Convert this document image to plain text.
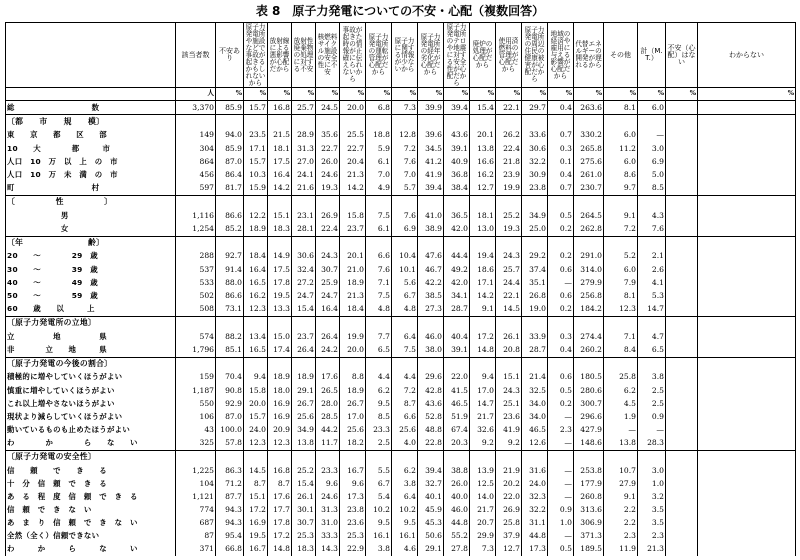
表 8　原子力発電についての不安・心配（複数回答）
	該当者数	不安あり	原子力発電所や施設などで事故が起きるかもしれないから	放射線による悪影響が心配だから	放射性廃棄物の処理に対する不安	核燃料サイクル施設の安全性に不安	事故が起きた時の情報が正確に伝えられないから	原子力発電所の運転管理が心配だから	原子力に関する情報が少ないから	原子力発電所の経年劣化が心配だから	原子力発電所のテロや地震に対する安全性が心配だから	廃炉の処理が心配だから	使用済燃料の管理が心配だから	原子力発電所の周辺住民の健康被害が心配だから	地域の経済や雇用に与える影響が心配だから	代替エネルギーの開発が遅れるから	その他	計（M.T.）	不安（心配）はない	わからない
	人	%	%	%	%	%	%	%	%	%	%	%	%	%	%	%	%	%	%	%
総　　　　　　　　　　数	3,370	85.9	15.7	16.8	25.7	24.5	20.0	6.8	7.3	39.9	39.4	15.4	22.1	29.7	0.4	263.6	8.1	6.0		
〔都　　市　　規　　模〕																				
東　　京　　都　　区　　部	149	94.0	23.5	21.5	28.9	35.6	25.5	18.8	12.8	39.6	43.6	20.1	26.2	33.6	0.7	330.2	6.0	—		
10　　大　　　　都　　　市	304	85.9	17.1	18.1	31.3	22.7	22.7	5.9	7.2	34.5	39.1	13.8	22.4	30.6	0.3	265.8	11.2	3.0		
人口　10　万　以　上　の　市	864	87.0	15.7	17.5	27.0	26.0	20.4	6.1	7.6	41.2	40.9	16.6	21.8	32.2	0.1	275.6	6.0	6.9		
人口　10　万　未　満　の　市	456	86.4	10.3	16.4	24.1	24.6	21.3	7.0	7.0	41.9	36.8	16.2	23.9	30.9	0.4	261.0	8.6	5.0		
町　　　　　　　　　　村	597	81.7	15.9	14.2	21.6	19.3	14.2	4.9	5.7	39.4	38.4	12.7	19.9	23.8	0.7	230.7	9.7	8.5		
〔　　　　　性　　　　　〕																				
　　　　　　　男	1,116	86.6	12.2	15.1	23.1	26.9	15.8	7.5	7.6	41.0	36.5	18.1	25.2	34.9	0.5	264.5	9.1	4.3		
　　　　　　　女	1,254	85.2	18.9	18.3	28.1	22.4	23.7	6.1	6.9	38.9	42.0	13.0	19.3	25.0	0.2	262.8	7.2	7.6		
〔年　　　　　　　　齢〕																				
20　　〜　　　　29　歳	288	92.7	18.4	14.9	30.6	24.3	20.1	6.6	10.4	47.6	44.4	19.4	24.3	29.2	0.2	291.0	5.2	2.1		
30　　〜　　　　39　歳	537	91.4	16.4	17.5	32.4	30.7	21.0	7.6	10.1	46.7	49.2	18.6	25.7	37.4	0.6	314.0	6.0	2.6		
40　　〜　　　　49　歳	533	88.0	16.5	17.8	27.2	25.9	18.9	7.1	5.6	42.2	42.0	17.1	24.4	35.1	—	279.9	7.9	4.1		
50　　〜　　　　59　歳	502	86.6	16.2	19.5	24.7	24.7	21.3	7.5	6.7	38.5	34.1	14.2	22.1	26.8	0.6	256.8	8.1	5.3		
60　　歳　　以　　　上	508	73.1	12.3	13.3	15.4	16.4	18.4	4.8	4.8	27.3	28.7	9.1	14.5	19.0	0.2	184.2	12.3	14.7		
〔原子力発電所の立地〕																				
立　　　　　地　　　　　県	574	88.2	13.4	15.0	23.7	26.4	19.9	7.7	6.4	46.0	40.4	17.2	26.1	33.9	0.3	274.4	7.1	4.7		
非　　　　立　　地　　　県	1,796	85.1	16.5	17.4	26.4	24.2	20.0	6.5	7.5	38.0	39.1	14.8	20.8	28.7	0.4	260.2	8.4	6.5		
〔原子力発電の今後の割合〕																				
積極的に増やしていくほうがよい	159	70.4	9.4	18.9	18.9	17.6	8.8	4.4	4.4	29.6	22.0	9.4	15.1	21.4	0.6	180.5	25.8	3.8		
慎重に増やしていくほうがよい	1,187	90.8	15.8	18.0	29.1	26.5	18.9	6.2	7.2	42.8	41.5	17.0	24.3	32.5	0.5	280.6	6.2	2.5		
これ以上増やさないほうがよい	550	92.9	20.0	16.9	26.7	28.0	26.7	9.5	8.7	43.6	46.5	14.7	25.1	34.0	0.2	300.7	4.5	2.5		
現状より減らしていくほうがよい	106	87.0	15.7	16.9	25.6	28.5	17.0	8.5	6.6	52.8	51.9	21.7	23.6	34.0	—	296.6	1.9	0.9		
動いているものも止めたほうがよい	43	100.0	24.0	20.9	34.9	44.2	25.6	23.3	25.6	48.8	67.4	32.6	41.9	46.5	2.3	427.9	—	—		
わ　　　　か　　　　ら　　な　　い	325	57.8	12.3	12.3	13.8	11.7	18.2	2.5	4.0	22.8	20.3	9.2	9.2	12.6	—	148.6	13.8	28.3		
〔原子力発電の安全性〕																				
信　　頼　　で　　き　　る	1,225	86.3	14.5	16.8	25.2	23.3	16.7	5.5	6.2	39.4	38.8	13.9	21.9	31.6	—	253.8	10.7	3.0		
十　分　信　頼　で　き　る	104	71.2	8.7	8.7	15.4	9.6	9.6	6.7	3.8	32.7	26.0	12.5	20.2	24.0	—	177.9	27.9	1.0		
あ　る　程　度　信　頼　で　き　る	1,121	87.7	15.1	17.6	26.1	24.6	17.3	5.4	6.4	40.1	40.0	14.0	22.0	32.3	—	260.8	9.1	3.2		
信　頼　で　き　な　い	774	94.3	17.2	17.7	30.1	31.3	23.8	10.2	10.2	45.9	46.0	21.7	26.9	32.2	0.9	313.6	2.2	3.5		
あ　ま　り　信　頼　で　き　な　い	687	94.3	16.9	17.8	30.7	31.0	23.6	9.5	9.5	45.3	44.8	20.7	25.8	31.1	1.0	306.9	2.2	3.5		
全然（全く）信頼できない	87	95.4	19.5	17.2	25.3	33.3	25.3	16.1	16.1	50.6	55.2	29.9	37.9	44.8	—	371.3	2.3	2.3		
わ　　　か　　　ら　　　な　　　い	371	66.8	16.7	14.8	18.3	14.3	22.9	3.8	4.6	29.1	27.8	7.3	12.7	17.3	0.5	189.5	11.9	21.3		
